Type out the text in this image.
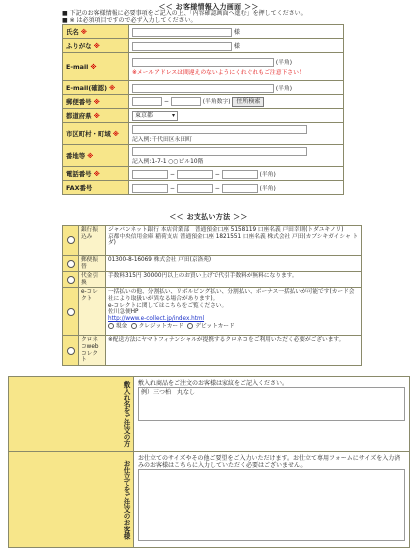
＜＜ お客様情報入力画面 ＞＞
■ 下記のお客様情報に必要事項をご記入の上、「内容確認画面へ進む」を押してください。
■ ※ は必須項目ですので必ず入力してください。
氏名 ※	様
ふりがな ※	様
E-mail ※	(半角)
※メールアドレスは間違えのないようにくれぐれもご注意下さい！
E-mail(確認) ※	(半角)
郵便番号 ※	− (半角数字) 住所検索
都道府県 ※	東京都 ▾

市区町村・町域 ※	記入例:千代田区永田町
番地等 ※	記入例:1-7-1 ○○ビル10階
電話番号 ※	− − (半角)
FAX番号	− − (半角)
＜＜ お支払い方法 ＞＞
	銀行振込み	ジャパンネット銀行 本店営業部　普通預金口座 5158119 口座名義 戸田幸則(トダユキノリ)
京都中央信用金庫 稲荷支店 普通預金口座 1821551 口座名義 株式会社 戸田(カブシキガイシャ トダ)
	郵便振替	01300-8-16069 株式会社 戸田(京洛苑)
	代金引換	手数料315円 30000円以上のお買い上げで代引手数料が無料になります。
	e-コレクト	一括払いの他、分割払い、リボルビング払い、分割払い、ボーナス一括払いが可能です(カード会社により取扱いが異なる場合があります)。
e-コレクトに関してはこちらをご覧ください。
佐川急便HP
http://www.e-collect.jp/index.html
現金 クレジットカード デビットカード

	クロネコwebコレクト	※配送方法にヤマトフィナンシャルが提携するクロネコをご利用いただく必要がございます。
敷入れ名をご注文の方	敷入れ商品をご注文のお客様は家紋をご記入ください。
例）三つ柏　丸なし

お仕立てをご注文のお客様	お仕立てのサイズやその他ご要望をご入力いただけます。お仕立て専用フォームにサイズを入力済みのお客様はこちらに入力していただく必要はございません。
